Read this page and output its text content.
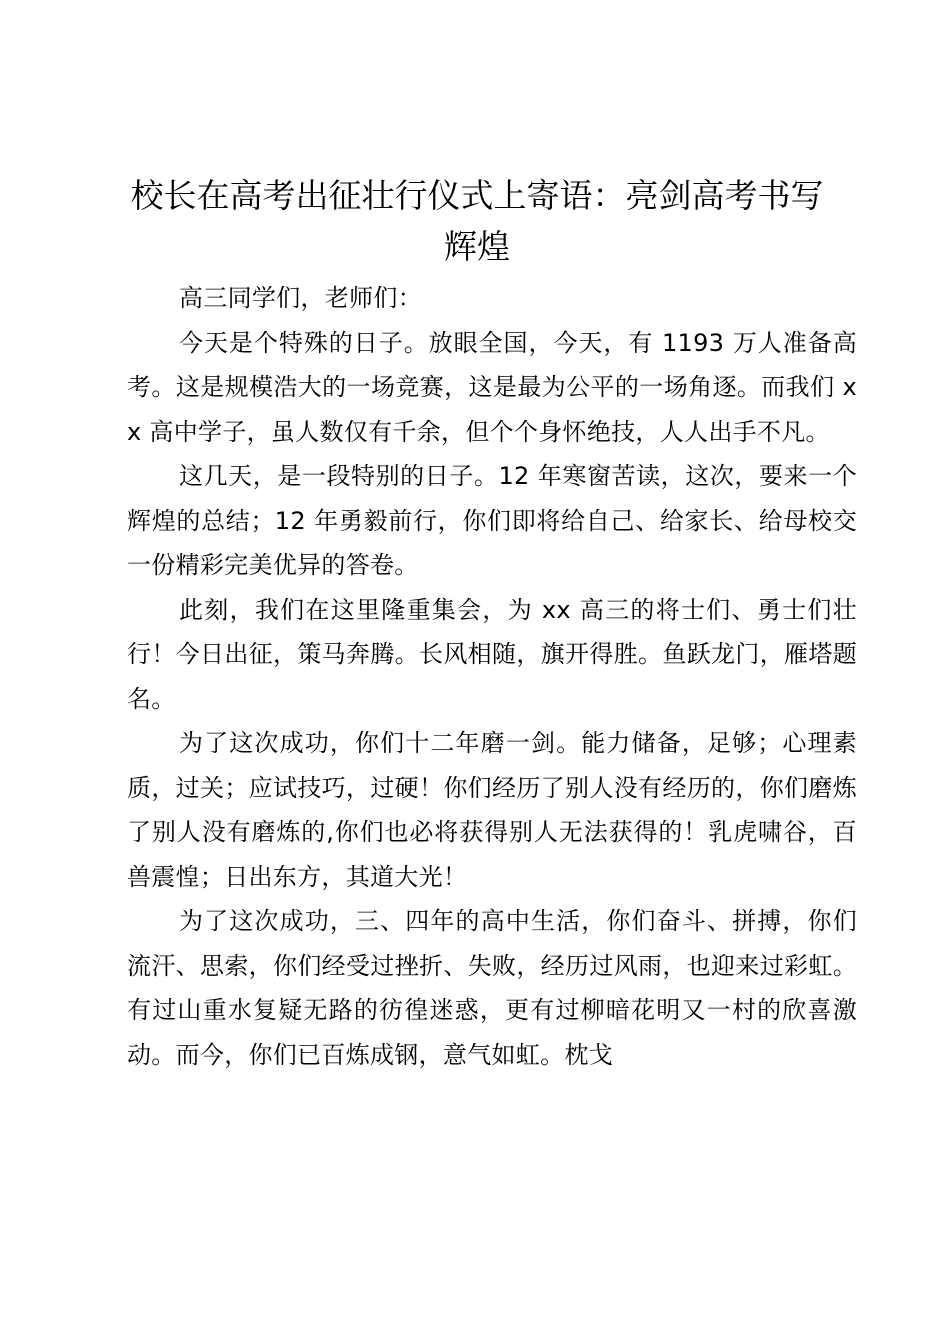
校长在高考出征壮行仪式上寄语：亮剑高考书写辉煌

高三同学们，老师们：

今天是个特殊的日子。放眼全国，今天，有 1193 万人准备高考。这是规模浩大的一场竞赛，这是最为公平的一场角逐。而我们 xx 高中学子，虽人数仅有千余，但个个身怀绝技，人人出手不凡。

这几天，是一段特别的日子。12 年寒窗苦读，这次，要来一个辉煌的总结；12 年勇毅前行，你们即将给自己、给家长、给母校交一份精彩完美优异的答卷。

此刻，我们在这里隆重集会，为 xx 高三的将士们、勇士们壮行！今日出征，策马奔腾。长风相随，旗开得胜。鱼跃龙门，雁塔题名。

为了这次成功，你们十二年磨一剑。能力储备，足够；心理素质，过关；应试技巧，过硬！你们经历了别人没有经历的，你们磨炼了别人没有磨炼的,你们也必将获得别人无法获得的！乳虎啸谷，百兽震惶；日出东方，其道大光！

为了这次成功，三、四年的高中生活，你们奋斗、拼搏，你们流汗、思索，你们经受过挫折、失败，经历过风雨，也迎来过彩虹。有过山重水复疑无路的彷徨迷惑，更有过柳暗花明又一村的欣喜激动。而今，你们已百炼成钢，意气如虹。枕戈
